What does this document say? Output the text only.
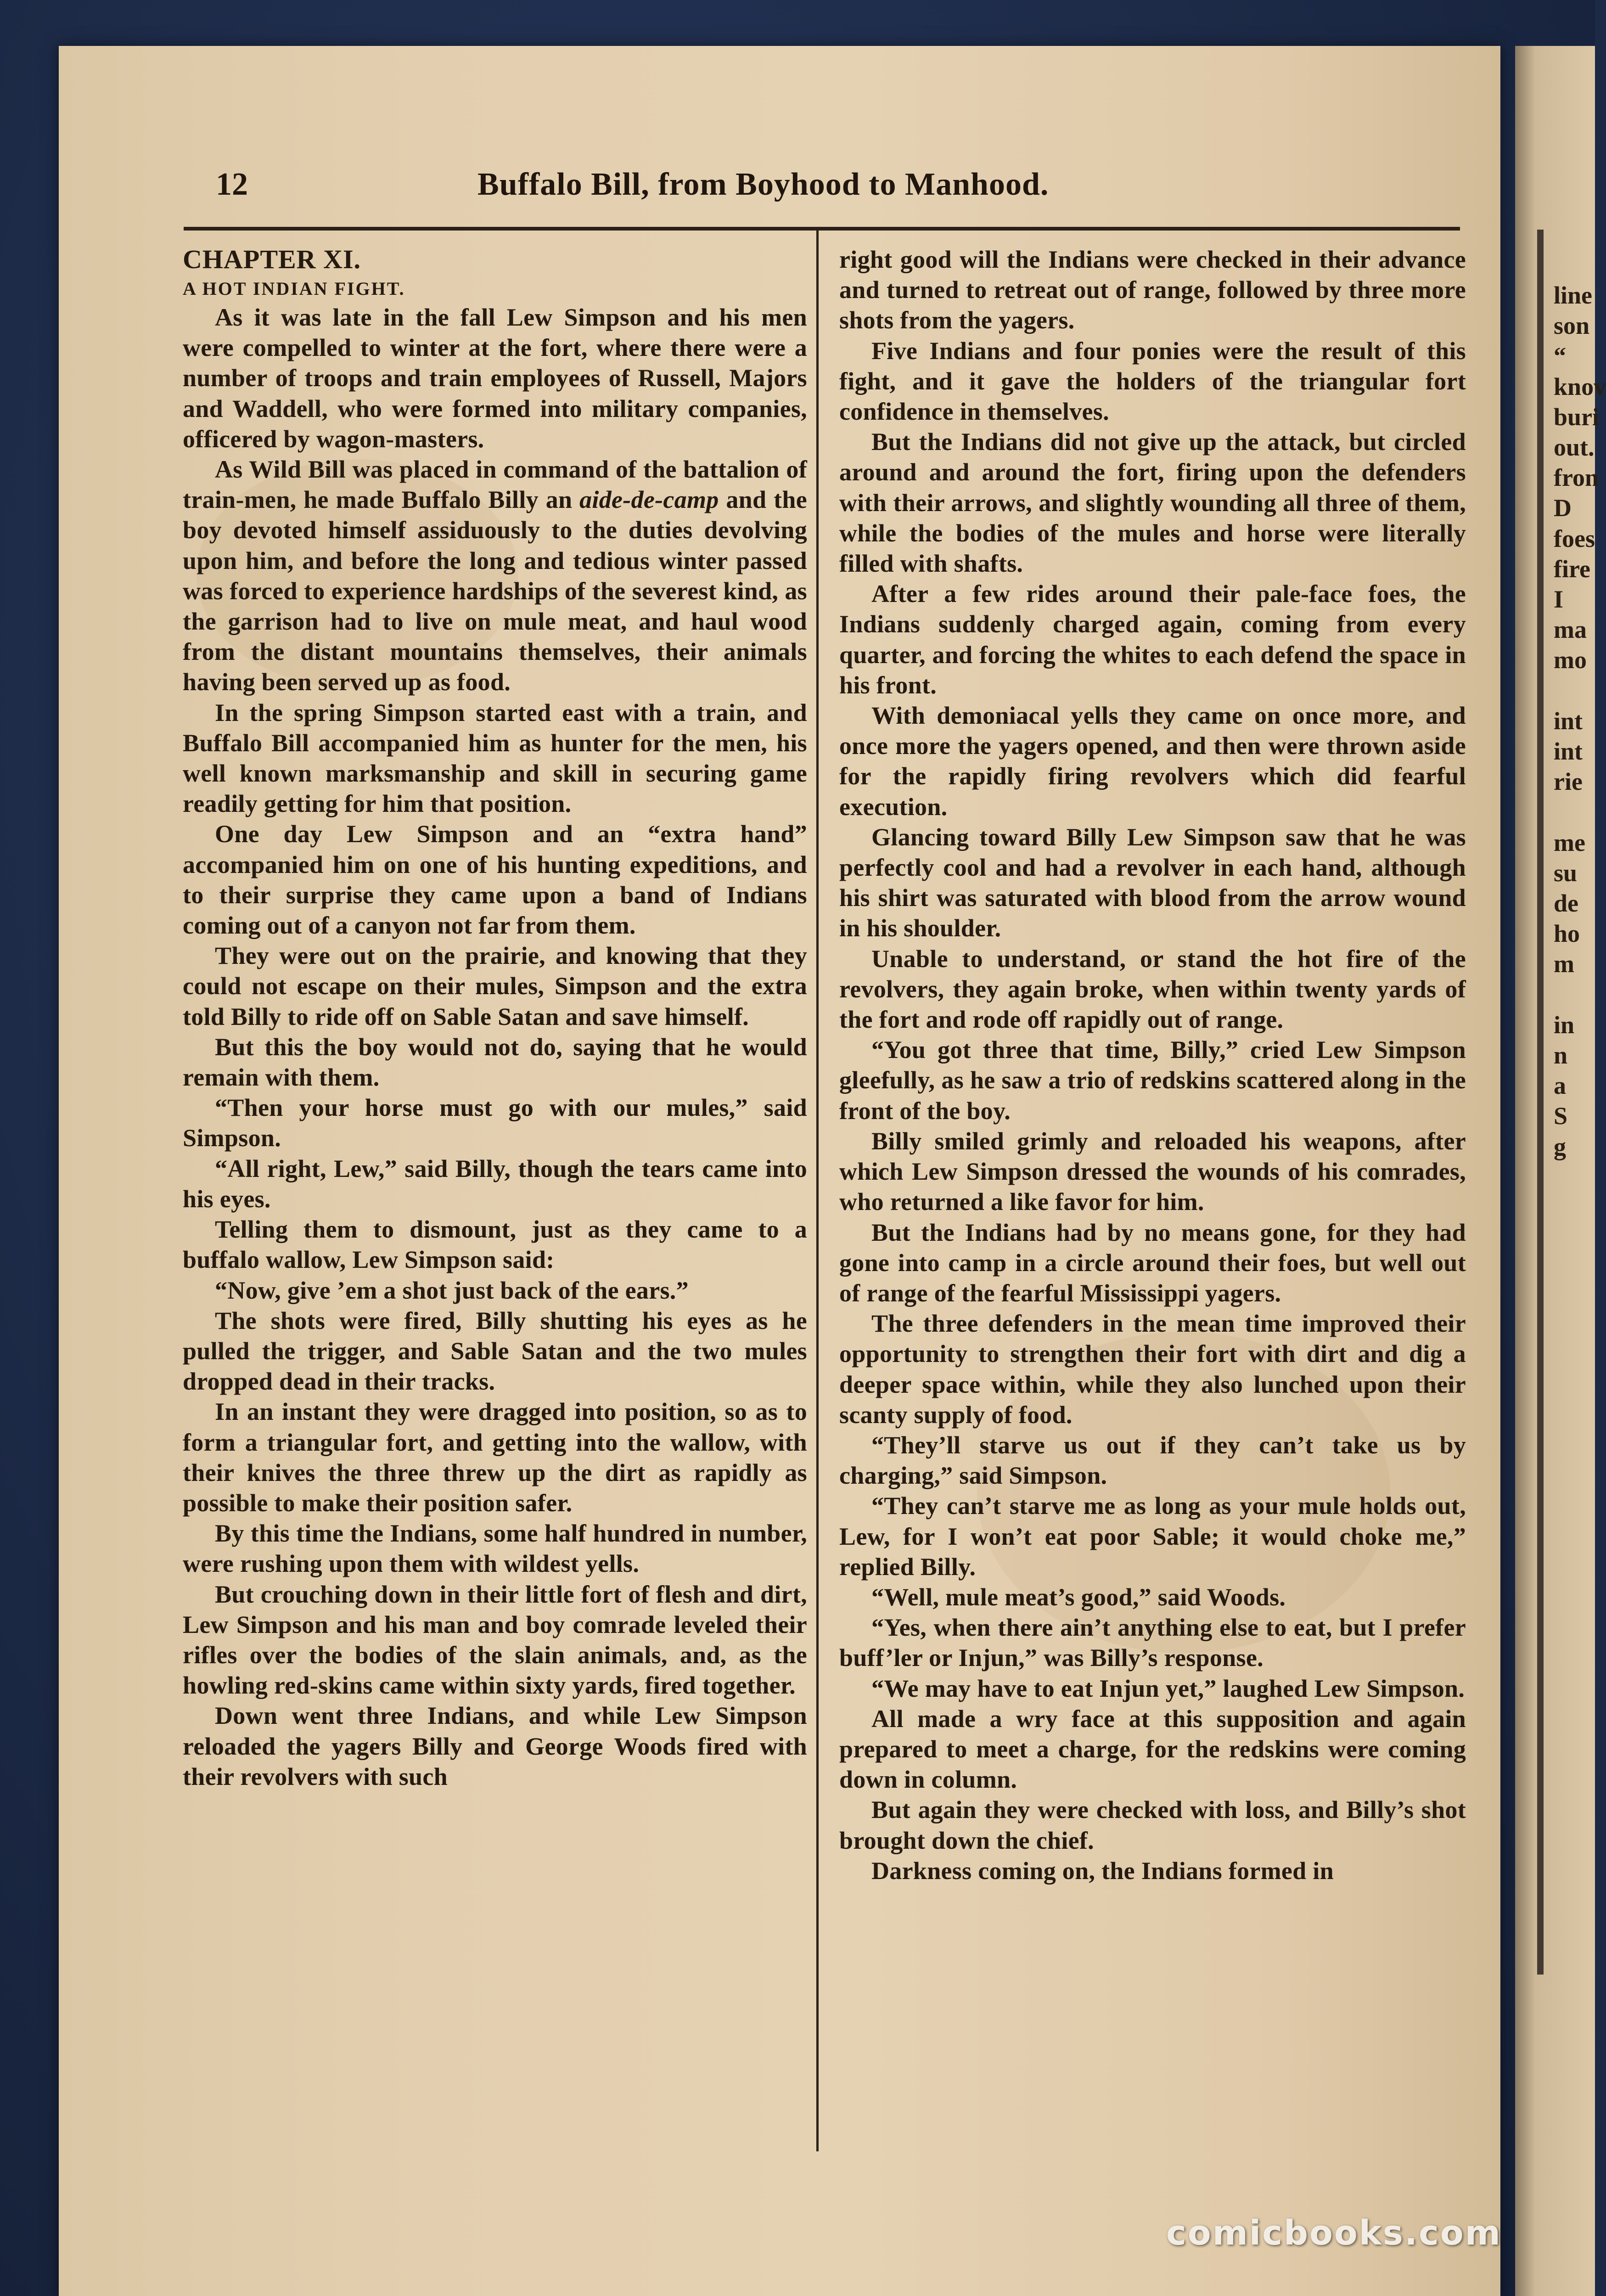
line
son
“
knov
buri
out.
fron
D
foes
fire
I
ma
mo

int
int
rie

me
su
de
ho
m

in
n
a
S
g
12	Buffalo Bill, from Boyhood to Manhood.

CHAPTER XI.

A HOT INDIAN FIGHT.

As it was late in the fall Lew Simpson and his men were compelled to winter at the fort, where there were a number of troops and train employees of Russell, Majors and Waddell, who were formed into military companies, officered by wagon-masters.

As Wild Bill was placed in command of the battalion of train-men, he made Buffalo Billy an aide-de-camp and the boy devoted himself assiduously to the duties devolving upon him, and before the long and tedious winter passed was forced to experience hardships of the severest kind, as the garrison had to live on mule meat, and haul wood from the distant mountains themselves, their animals having been served up as food.

In the spring Simpson started east with a train, and Buffalo Bill accompanied him as hunter for the men, his well known marksmanship and skill in securing game readily getting for him that position.

One day Lew Simpson and an “extra hand” accompanied him on one of his hunting expeditions, and to their surprise they came upon a band of Indians coming out of a canyon not far from them.

They were out on the prairie, and knowing that they could not escape on their mules, Simpson and the extra told Billy to ride off on Sable Satan and save himself.

But this the boy would not do, saying that he would remain with them.

“Then your horse must go with our mules,” said Simpson.

“All right, Lew,” said Billy, though the tears came into his eyes.

Telling them to dismount, just as they came to a buffalo wallow, Lew Simpson said:

“Now, give ’em a shot just back of the ears.”

The shots were fired, Billy shutting his eyes as he pulled the trigger, and Sable Satan and the two mules dropped dead in their tracks.

In an instant they were dragged into position, so as to form a triangular fort, and getting into the wallow, with their knives the three threw up the dirt as rapidly as possible to make their position safer.

By this time the Indians, some half hundred in number, were rushing upon them with wildest yells.

But crouching down in their little fort of flesh and dirt, Lew Simpson and his man and boy comrade leveled their rifles over the bodies of the slain animals, and, as the howling red-skins came within sixty yards, fired together.

Down went three Indians, and while Lew Simpson reloaded the yagers Billy and George Woods fired with their revolvers with such

right good will the Indians were checked in their advance and turned to retreat out of range, followed by three more shots from the yagers.

Five Indians and four ponies were the result of this fight, and it gave the holders of the triangular fort confidence in themselves.

But the Indians did not give up the attack, but circled around and around the fort, firing upon the defenders with their arrows, and slightly wounding all three of them, while the bodies of the mules and horse were literally filled with shafts.

After a few rides around their pale-face foes, the Indians suddenly charged again, coming from every quarter, and forcing the whites to each defend the space in his front.

With demoniacal yells they came on once more, and once more the yagers opened, and then were thrown aside for the rapidly firing revolvers which did fearful execution.

Glancing toward Billy Lew Simpson saw that he was perfectly cool and had a revolver in each hand, although his shirt was saturated with blood from the arrow wound in his shoulder.

Unable to understand, or stand the hot fire of the revolvers, they again broke, when within twenty yards of the fort and rode off rapidly out of range.

“You got three that time, Billy,” cried Lew Simpson gleefully, as he saw a trio of redskins scattered along in the front of the boy.

Billy smiled grimly and reloaded his weapons, after which Lew Simpson dressed the wounds of his comrades, who returned a like favor for him.

But the Indians had by no means gone, for they had gone into camp in a circle around their foes, but well out of range of the fearful Mississippi yagers.

The three defenders in the mean time improved their opportunity to strengthen their fort with dirt and dig a deeper space within, while they also lunched upon their scanty supply of food.

“They’ll starve us out if they can’t take us by charging,” said Simpson.

“They can’t starve me as long as your mule holds out, Lew, for I won’t eat poor Sable; it would choke me,” replied Billy.

“Well, mule meat’s good,” said Woods.

“Yes, when there ain’t anything else to eat, but I prefer buff’ler or Injun,” was Billy’s response.

“We may have to eat Injun yet,” laughed Lew Simpson.

All made a wry face at this supposition and again prepared to meet a charge, for the redskins were coming down in column.

But again they were checked with loss, and Billy’s shot brought down the chief.

Darkness coming on, the Indians formed in

comicbooks.com
